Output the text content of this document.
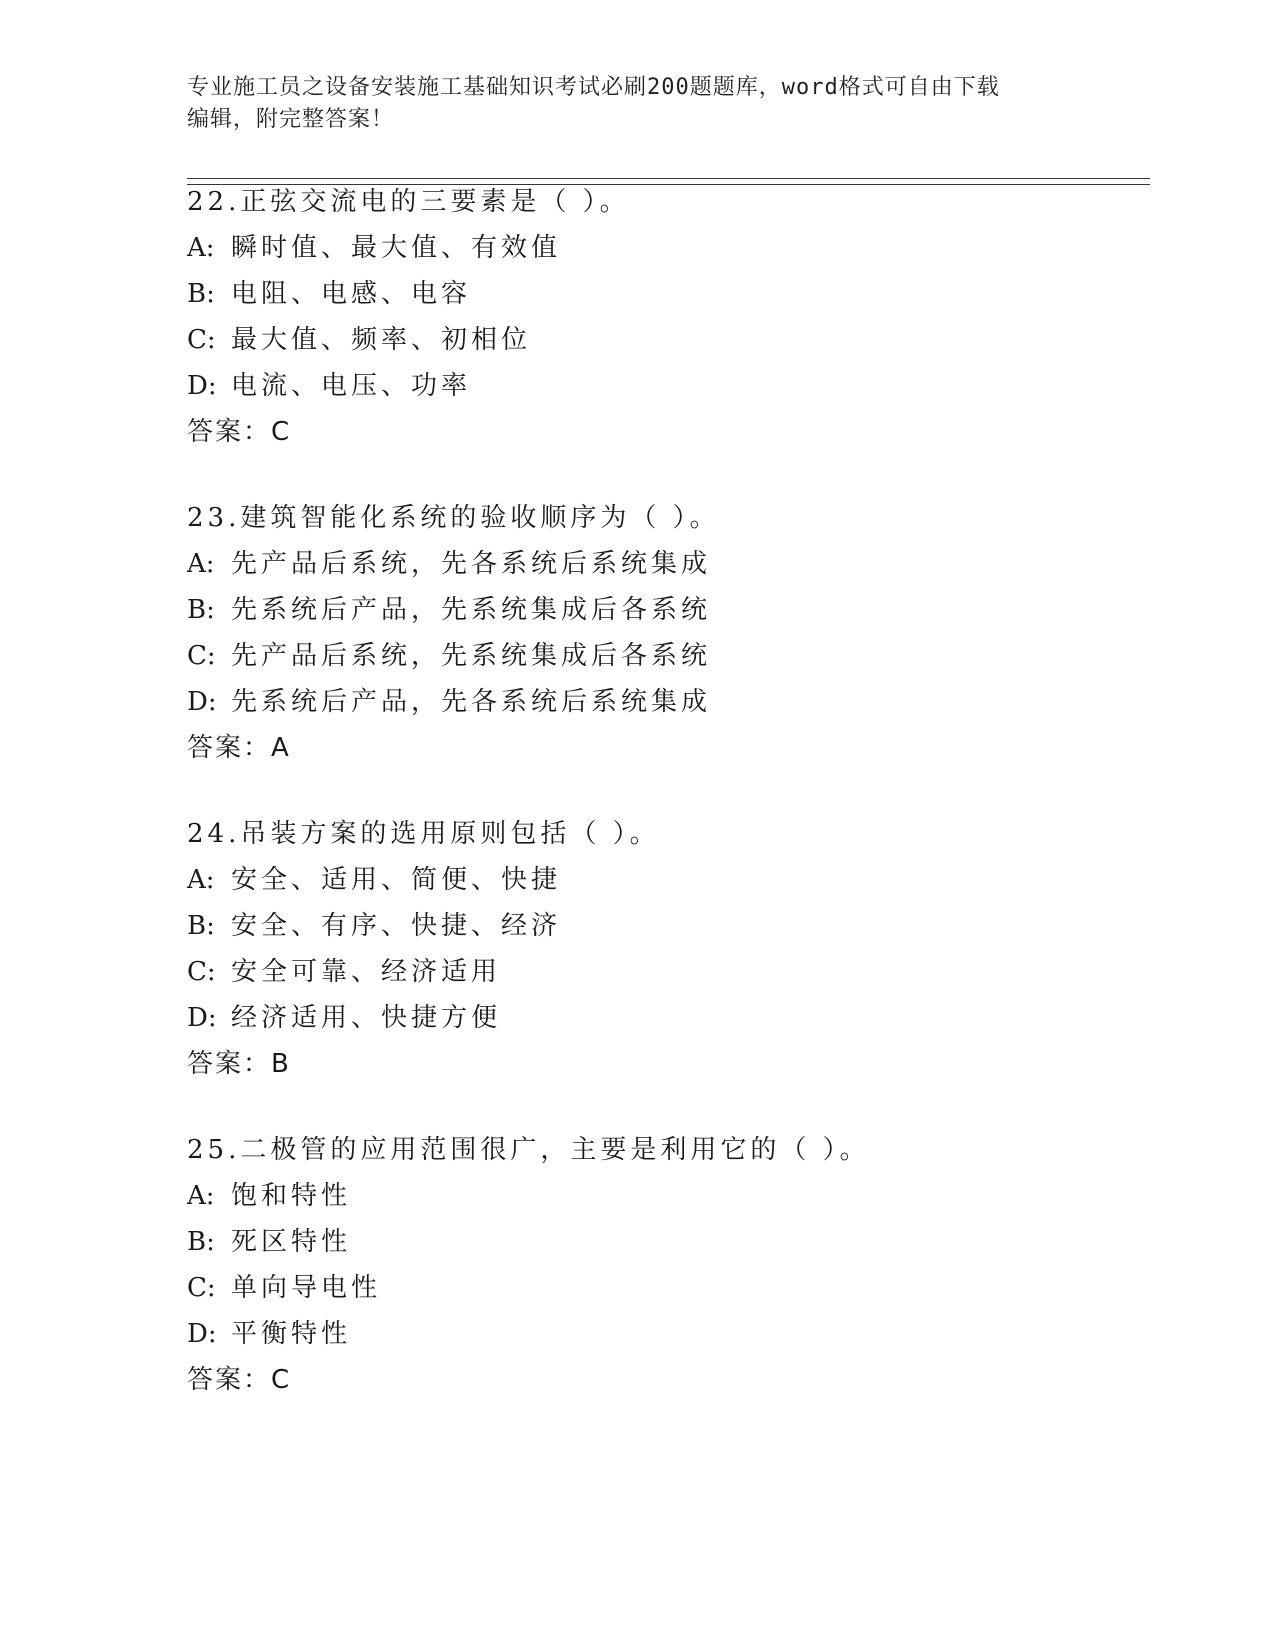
专业施工员之设备安装施工基础知识考试必刷200题题库，word格式可自由下载
编辑，附完整答案！
22.正弦交流电的三要素是（ ）。
A: 瞬时值、最大值、有效值
B: 电阻、电感、电容
C: 最大值、频率、初相位
D: 电流、电压、功率
答案：C
23.建筑智能化系统的验收顺序为（ ）。
A: 先产品后系统，先各系统后系统集成
B: 先系统后产品，先系统集成后各系统
C: 先产品后系统，先系统集成后各系统
D: 先系统后产品，先各系统后系统集成
答案：A
24.吊装方案的选用原则包括（ ）。
A: 安全、适用、简便、快捷
B: 安全、有序、快捷、经济
C: 安全可靠、经济适用
D: 经济适用、快捷方便
答案：B
25.二极管的应用范围很广，主要是利用它的（ ）。
A: 饱和特性
B: 死区特性
C: 单向导电性
D: 平衡特性
答案：C
